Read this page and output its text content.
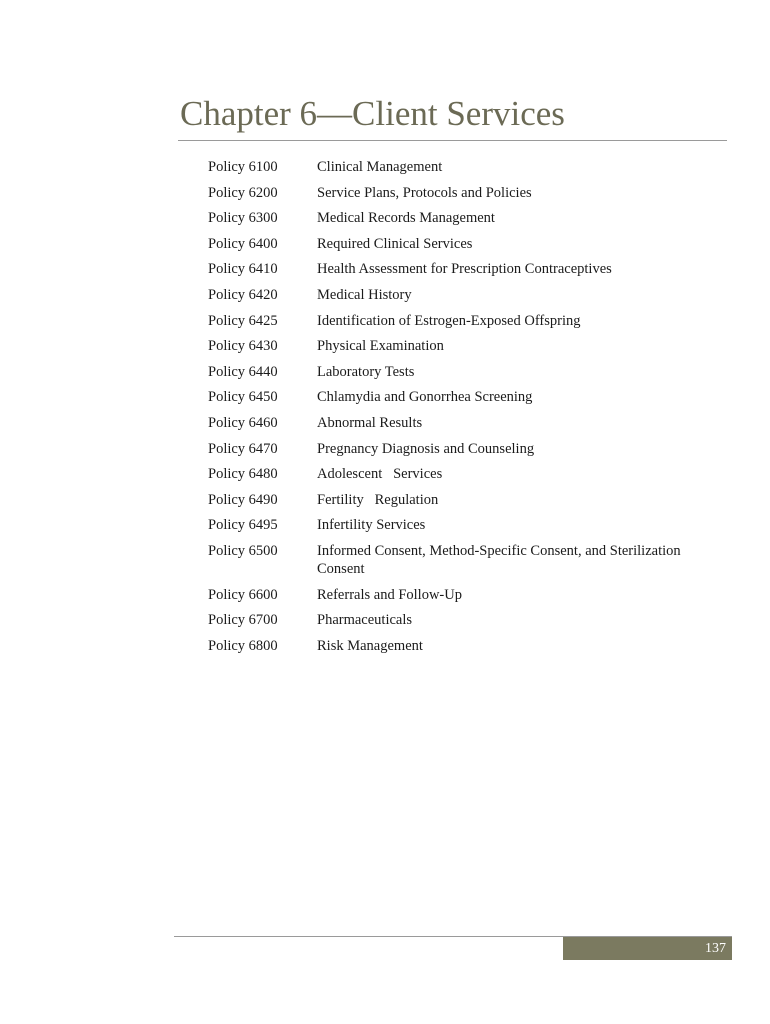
Chapter 6—Client Services
Policy 6100	Clinical Management
Policy 6200	Service Plans, Protocols and Policies
Policy 6300	Medical Records Management
Policy 6400	Required Clinical Services
Policy 6410	Health Assessment for Prescription Contraceptives
Policy 6420	Medical History
Policy 6425	Identification of Estrogen-Exposed Offspring
Policy 6430	Physical Examination
Policy 6440	Laboratory Tests
Policy 6450	Chlamydia and Gonorrhea Screening
Policy 6460	Abnormal Results
Policy 6470	Pregnancy Diagnosis and Counseling
Policy 6480	Adolescent   Services
Policy 6490	Fertility   Regulation
Policy 6495	Infertility Services
Policy 6500	Informed Consent, Method-Specific Consent, and Sterilization Consent
Policy 6600	Referrals and Follow-Up
Policy 6700	Pharmaceuticals
Policy 6800	Risk Management
137
